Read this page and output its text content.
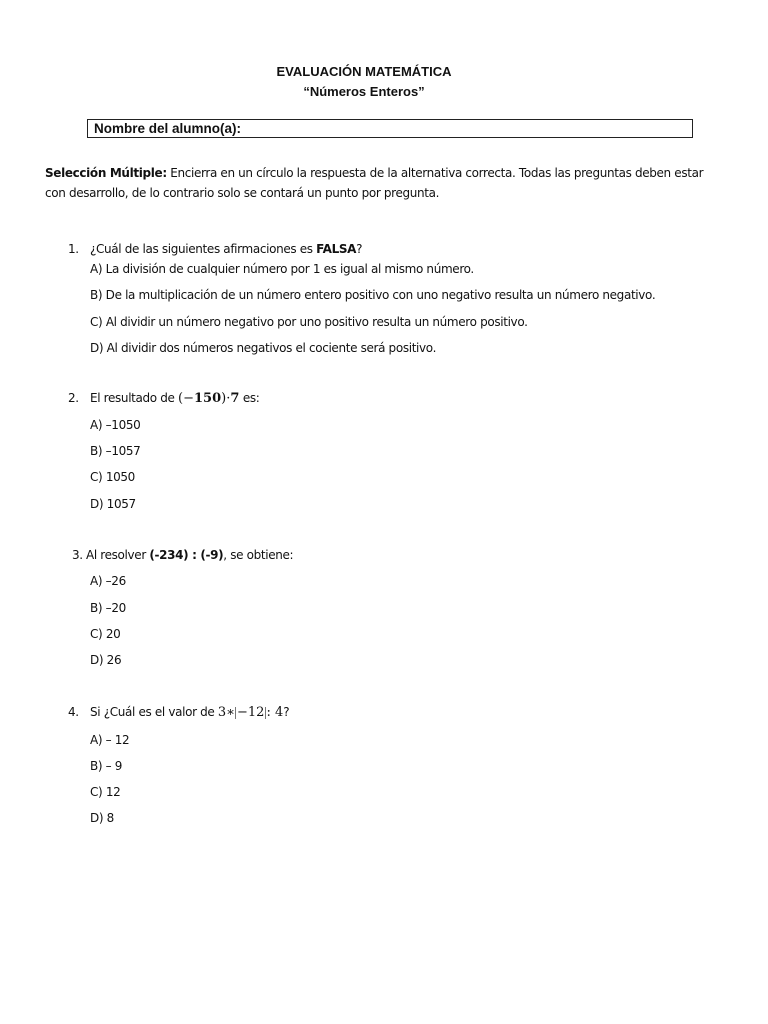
EVALUACIÓN MATEMÁTICA
“Números Enteros”
Nombre del alumno(a):
Selección Múltiple: Encierra en un círculo la respuesta de la alternativa correcta. Todas las preguntas deben estar con desarrollo, de lo contrario solo se contará un punto por pregunta.
1. ¿Cuál de las siguientes afirmaciones es FALSA?
A) La división de cualquier número por 1 es igual al mismo número.
B) De la multiplicación de un número entero positivo con uno negativo resulta un número negativo.
C) Al dividir un número negativo por uno positivo resulta un número positivo.
D) Al dividir dos números negativos el cociente será positivo.
2. El resultado de (−150)·7 es:
A) –1050
B) –1057
C) 1050
D) 1057
3. Al resolver (-234) : (-9), se obtiene:
A) –26
B) –20
C) 20
D) 26
4. Si ¿Cuál es el valor de 3∗ −12 : 4?
A) – 12
B) – 9
C) 12
D) 8
